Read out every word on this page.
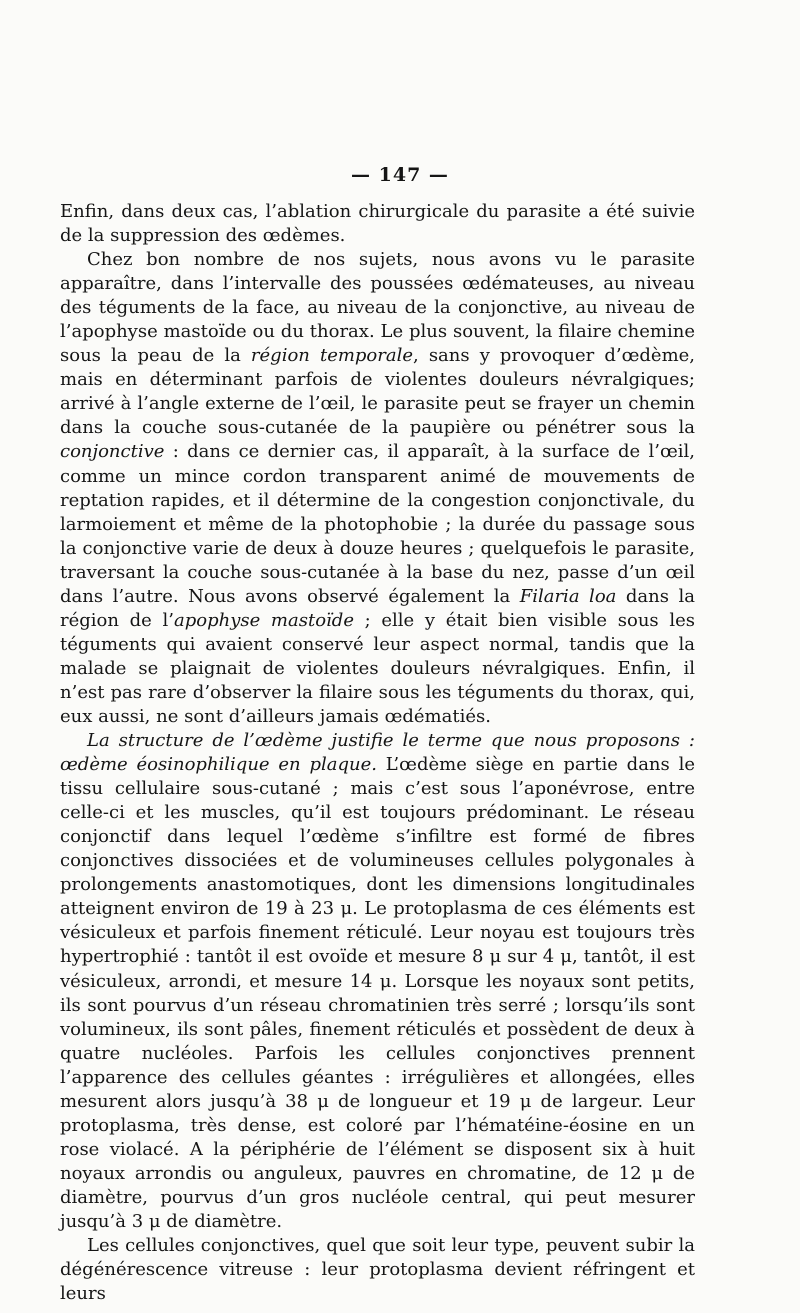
— 147 —

Enfin, dans deux cas, l’ablation chirurgicale du parasite a été suivie de la suppression des œdèmes.

Chez bon nombre de nos sujets, nous avons vu le parasite apparaître, dans l’intervalle des poussées œdémateuses, au niveau des téguments de la face, au niveau de la conjonctive, au niveau de l’apophyse mastoïde ou du thorax. Le plus souvent, la filaire chemine sous la peau de la région temporale, sans y provoquer d’œdème, mais en déterminant parfois de violentes douleurs névralgiques; arrivé à l’angle externe de l’œil, le parasite peut se frayer un chemin dans la couche sous-cutanée de la paupière ou pénétrer sous la conjonctive : dans ce dernier cas, il apparaît, à la surface de l’œil, comme un mince cordon transparent animé de mouvements de reptation rapides, et il détermine de la congestion conjonctivale, du larmoiement et même de la photophobie ; la durée du passage sous la conjonctive varie de deux à douze heures ; quelquefois le parasite, traversant la couche sous-cutanée à la base du nez, passe d’un œil dans l’autre. Nous avons observé également la Filaria loa dans la région de l’apophyse mastoïde ; elle y était bien visible sous les téguments qui avaient conservé leur aspect normal, tandis que la malade se plaignait de violentes douleurs névralgiques. Enfin, il n’est pas rare d’observer la filaire sous les téguments du thorax, qui, eux aussi, ne sont d’ailleurs jamais œdématiés.

La structure de l’œdème justifie le terme que nous proposons : œdème éosinophilique en plaque. L’œdème siège en partie dans le tissu cellulaire sous-cutané ; mais c’est sous l’aponévrose, entre celle-ci et les muscles, qu’il est toujours prédominant. Le réseau conjonctif dans lequel l’œdème s’infiltre est formé de fibres conjonctives dissociées et de volumineuses cellules polygonales à prolongements anastomotiques, dont les dimensions longitudinales atteignent environ de 19 à 23 μ. Le protoplasma de ces éléments est vésiculeux et parfois finement réticulé. Leur noyau est toujours très hypertrophié : tantôt il est ovoïde et mesure 8 μ sur 4 μ, tantôt, il est vésiculeux, arrondi, et mesure 14 μ. Lorsque les noyaux sont petits, ils sont pourvus d’un réseau chromatinien très serré ; lorsqu’ils sont volumineux, ils sont pâles, finement réticulés et possèdent de deux à quatre nucléoles. Parfois les cellules conjonctives prennent l’apparence des cellules géantes : irrégulières et allongées, elles mesurent alors jusqu’à 38 μ de longueur et 19 μ de largeur. Leur protoplasma, très dense, est coloré par l’hématéine-éosine en un rose violacé. A la périphérie de l’élément se disposent six à huit noyaux arrondis ou anguleux, pauvres en chromatine, de 12 μ de diamètre, pourvus d’un gros nucléole central, qui peut mesurer jusqu’à 3 μ de diamètre.

Les cellules conjonctives, quel que soit leur type, peuvent subir la dégénérescence vitreuse : leur protoplasma devient réfringent et leurs
